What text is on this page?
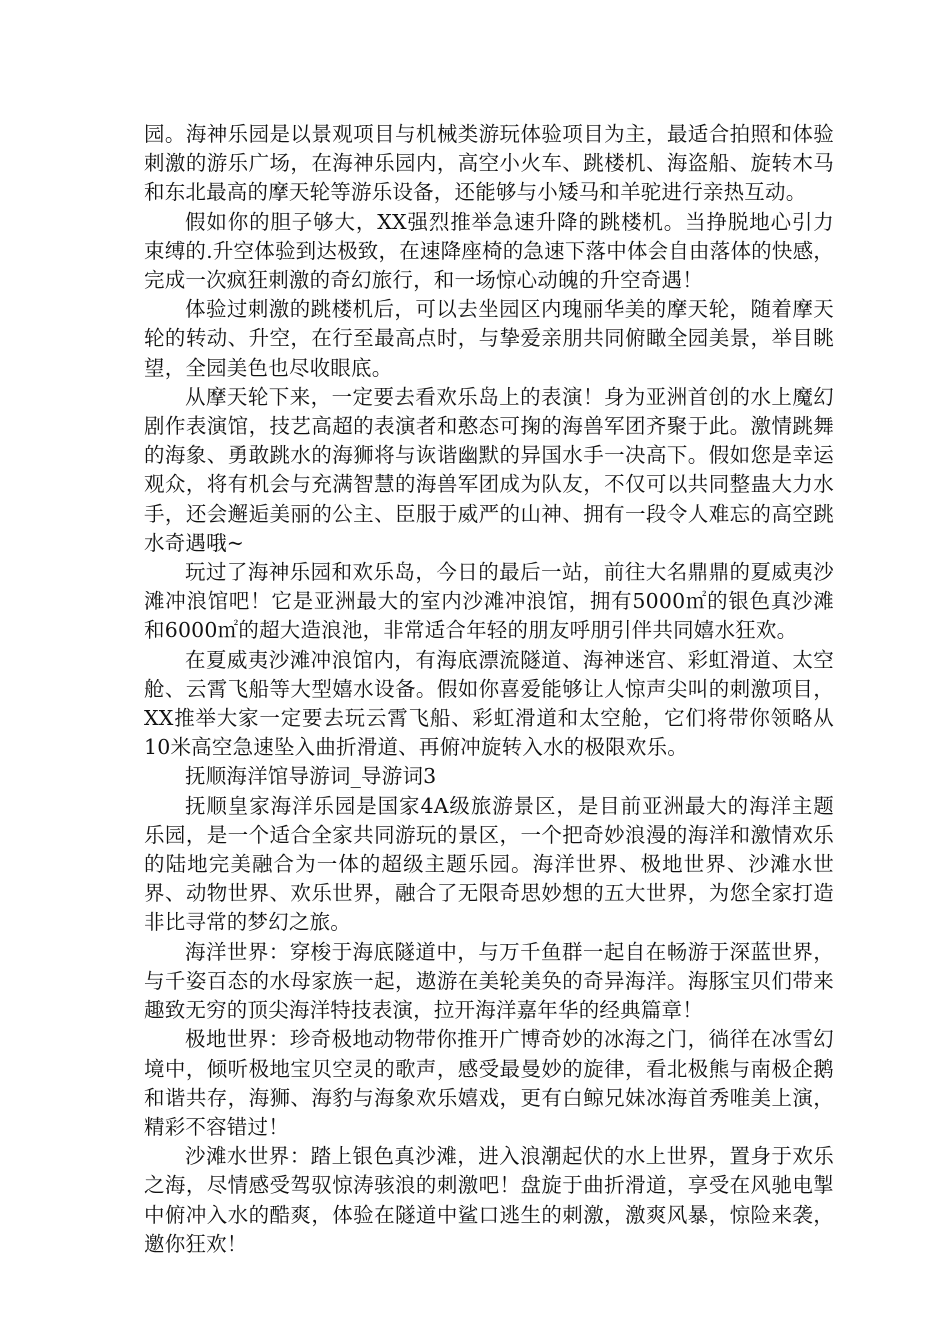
园。海神乐园是以景观项目与机械类游玩体验项目为主，最适合拍照和体验刺激的游乐广场，在海神乐园内，高空小火车、跳楼机、海盗船、旋转木马和东北最高的摩天轮等游乐设备，还能够与小矮马和羊驼进行亲热互动。

假如你的胆子够大，XX强烈推举急速升降的跳楼机。当挣脱地心引力束缚的.升空体验到达极致，在速降座椅的急速下落中体会自由落体的快感，完成一次疯狂刺激的奇幻旅行，和一场惊心动魄的升空奇遇！

体验过刺激的跳楼机后，可以去坐园区内瑰丽华美的摩天轮，随着摩天轮的转动、升空，在行至最高点时，与挚爱亲朋共同俯瞰全园美景，举目眺望，全园美色也尽收眼底。

从摩天轮下来，一定要去看欢乐岛上的表演！身为亚洲首创的水上魔幻剧作表演馆，技艺高超的表演者和憨态可掬的海兽军团齐聚于此。激情跳舞的海象、勇敢跳水的海狮将与诙谐幽默的异国水手一决高下。假如您是幸运观众，将有机会与充满智慧的海兽军团成为队友，不仅可以共同整蛊大力水手，还会邂逅美丽的公主、臣服于威严的山神、拥有一段令人难忘的高空跳水奇遇哦~

玩过了海神乐园和欢乐岛，今日的最后一站，前往大名鼎鼎的夏威夷沙滩冲浪馆吧！它是亚洲最大的室内沙滩冲浪馆，拥有5000㎡的银色真沙滩和6000㎡的超大造浪池，非常适合年轻的朋友呼朋引伴共同嬉水狂欢。

在夏威夷沙滩冲浪馆内，有海底漂流隧道、海神迷宫、彩虹滑道、太空舱、云霄飞船等大型嬉水设备。假如你喜爱能够让人惊声尖叫的刺激项目，XX推举大家一定要去玩云霄飞船、彩虹滑道和太空舱，它们将带你领略从10米高空急速坠入曲折滑道、再俯冲旋转入水的极限欢乐。

抚顺海洋馆导游词_导游词3

抚顺皇家海洋乐园是国家4A级旅游景区，是目前亚洲最大的海洋主题乐园，是一个适合全家共同游玩的景区，一个把奇妙浪漫的海洋和激情欢乐的陆地完美融合为一体的超级主题乐园。海洋世界、极地世界、沙滩水世界、动物世界、欢乐世界，融合了无限奇思妙想的五大世界，为您全家打造非比寻常的梦幻之旅。

海洋世界：穿梭于海底隧道中，与万千鱼群一起自在畅游于深蓝世界，与千姿百态的水母家族一起，遨游在美轮美奂的奇异海洋。海豚宝贝们带来趣致无穷的顶尖海洋特技表演，拉开海洋嘉年华的经典篇章！

极地世界：珍奇极地动物带你推开广博奇妙的冰海之门，徜徉在冰雪幻境中，倾听极地宝贝空灵的歌声，感受最曼妙的旋律，看北极熊与南极企鹅和谐共存，海狮、海豹与海象欢乐嬉戏，更有白鲸兄妹冰海首秀唯美上演，精彩不容错过！

沙滩水世界：踏上银色真沙滩，进入浪潮起伏的水上世界，置身于欢乐之海，尽情感受驾驭惊涛骇浪的刺激吧！盘旋于曲折滑道，享受在风驰电掣中俯冲入水的酷爽，体验在隧道中鲨口逃生的刺激，激爽风暴，惊险来袭，邀你狂欢！
